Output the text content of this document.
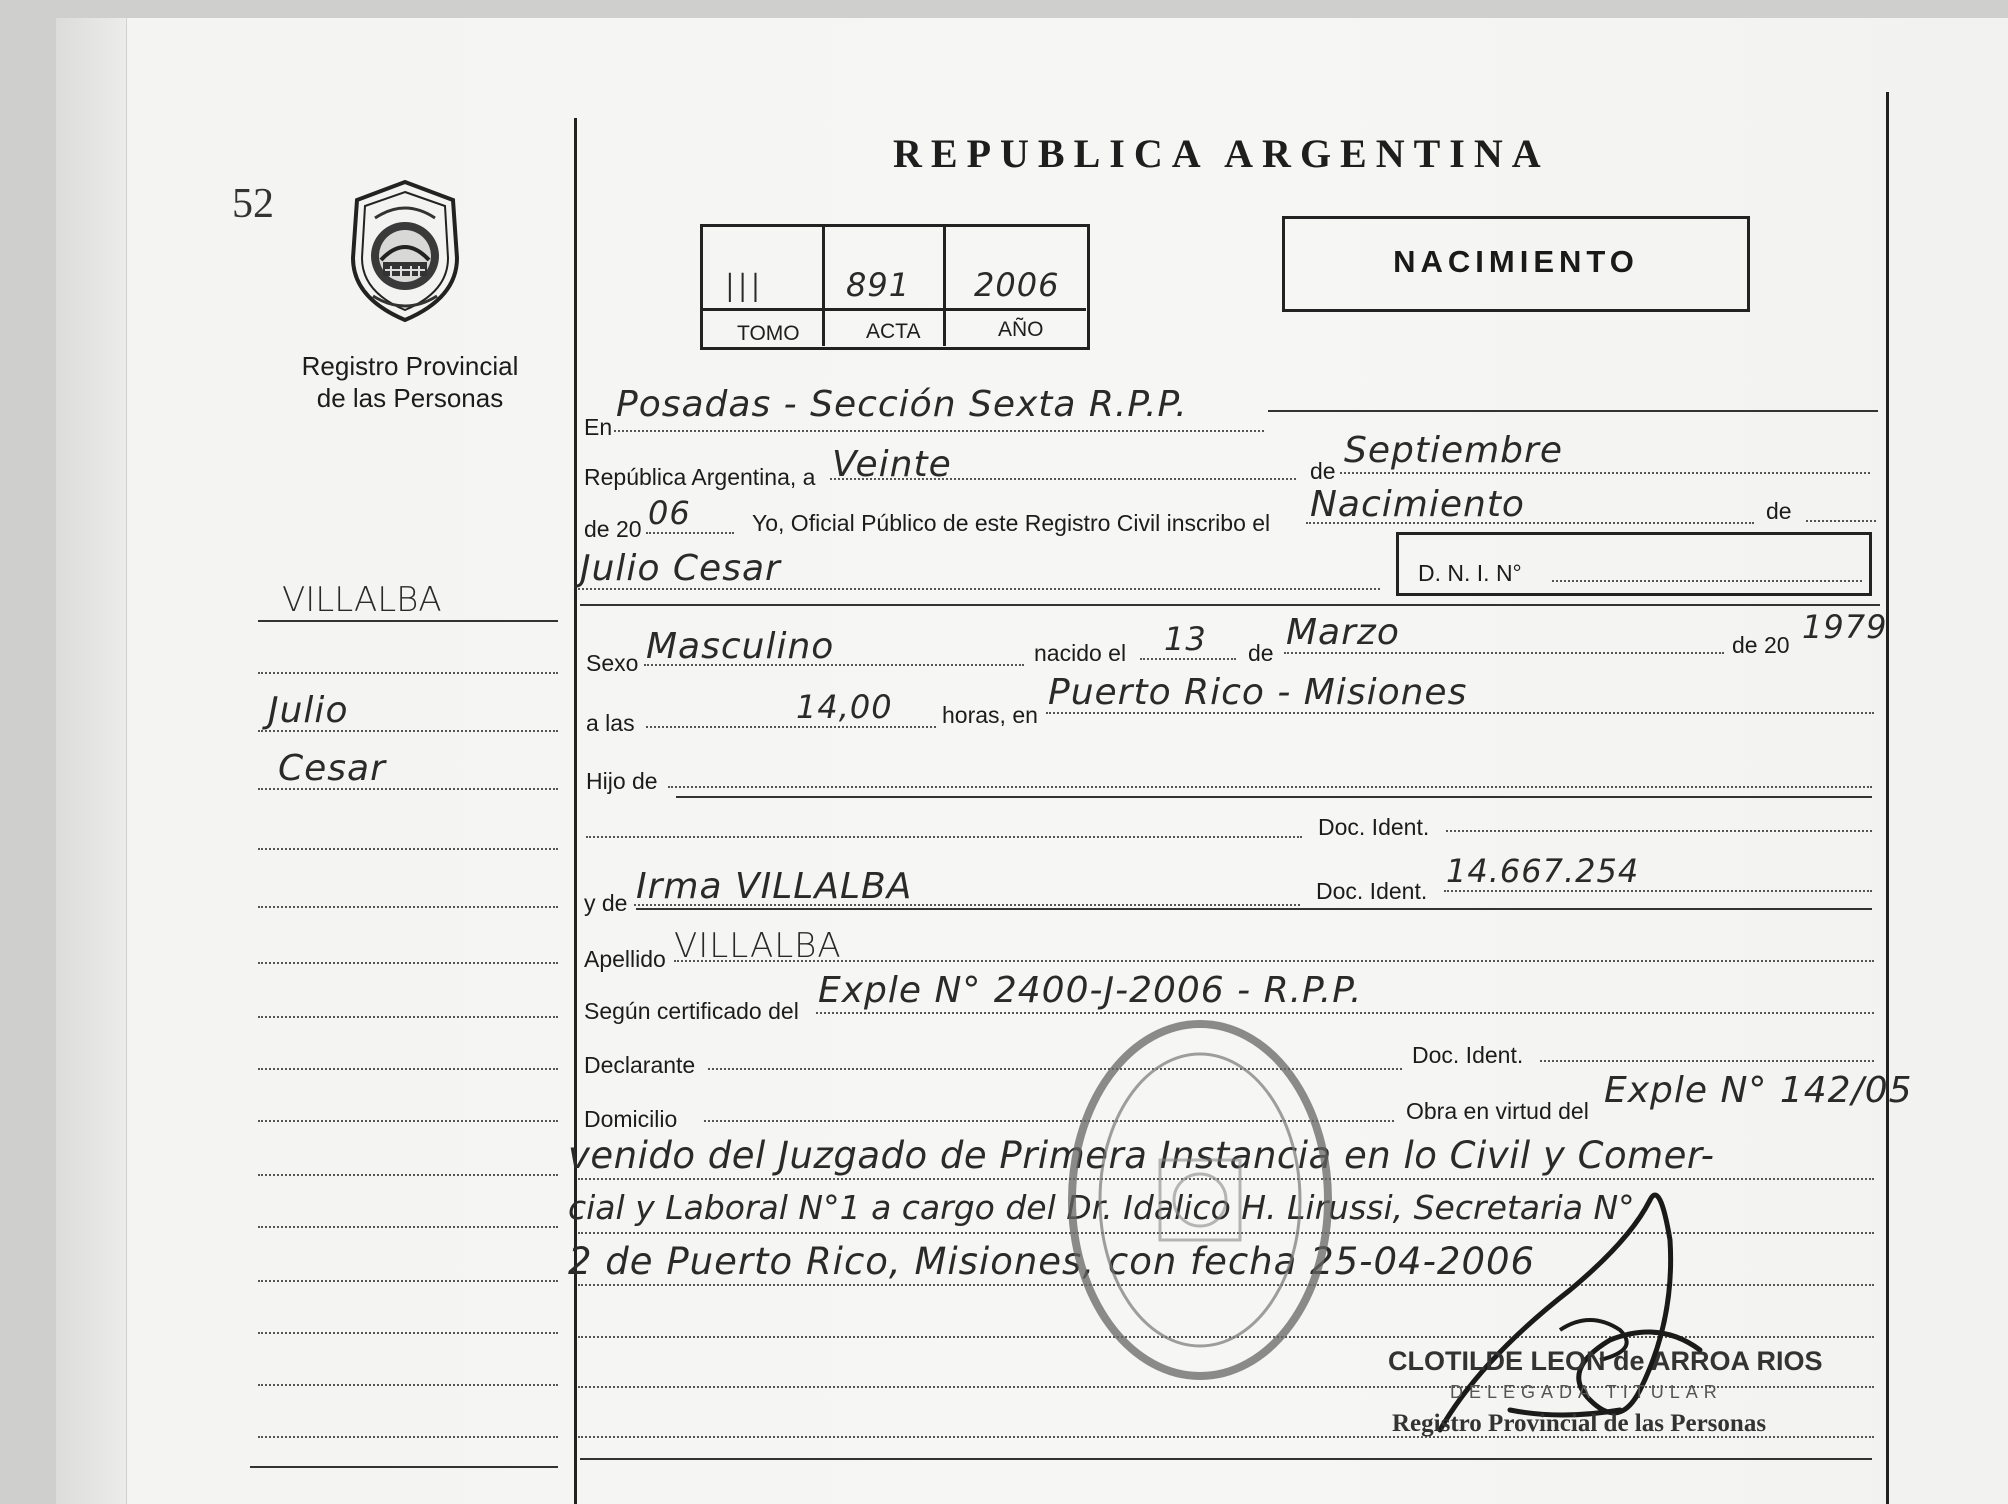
52
Registro Provincial
de las Personas
VILLALBA
Julio
Cesar
REPUBLICA ARGENTINA
III	891 2006
TOMO	ACTA	AÑO
NACIMIENTO
En
Posadas - Sección Sexta R.P.P.
República Argentina, a Veinte	de Septiembre
de 20 06	Yo, Oficial Público de este Registro Civil inscribo el Nacimiento	de
Julio Cesar	D. N. I. N°
Sexo Masculino	nacido el 13 de Marzo	de 20 1979
a las	14,00 horas, en
Puerto Rico - Misiones
Hijo de
Doc. Ident.
y de Irma VILLALBA	Doc. Ident.
14.667.254
Apellido VILLALBA
Según certificado del Exple N° 2400-J-2006 - R.P.P.
Declarante	Doc. Ident.
Domicilio	Obra en virtud del Exple N° 142/05
venido del Juzgado de Primera Instancia en lo Civil y Comer-
cial y Laboral N°1 a cargo del Dr. Idalico H. Lirussi, Secretaria N°
2 de Puerto Rico, Misiones, con fecha 25-04-2006
CLOTILDE LEON de ARROA RIOS
DELEGADA TITULAR
Registro Provincial de las Personas
